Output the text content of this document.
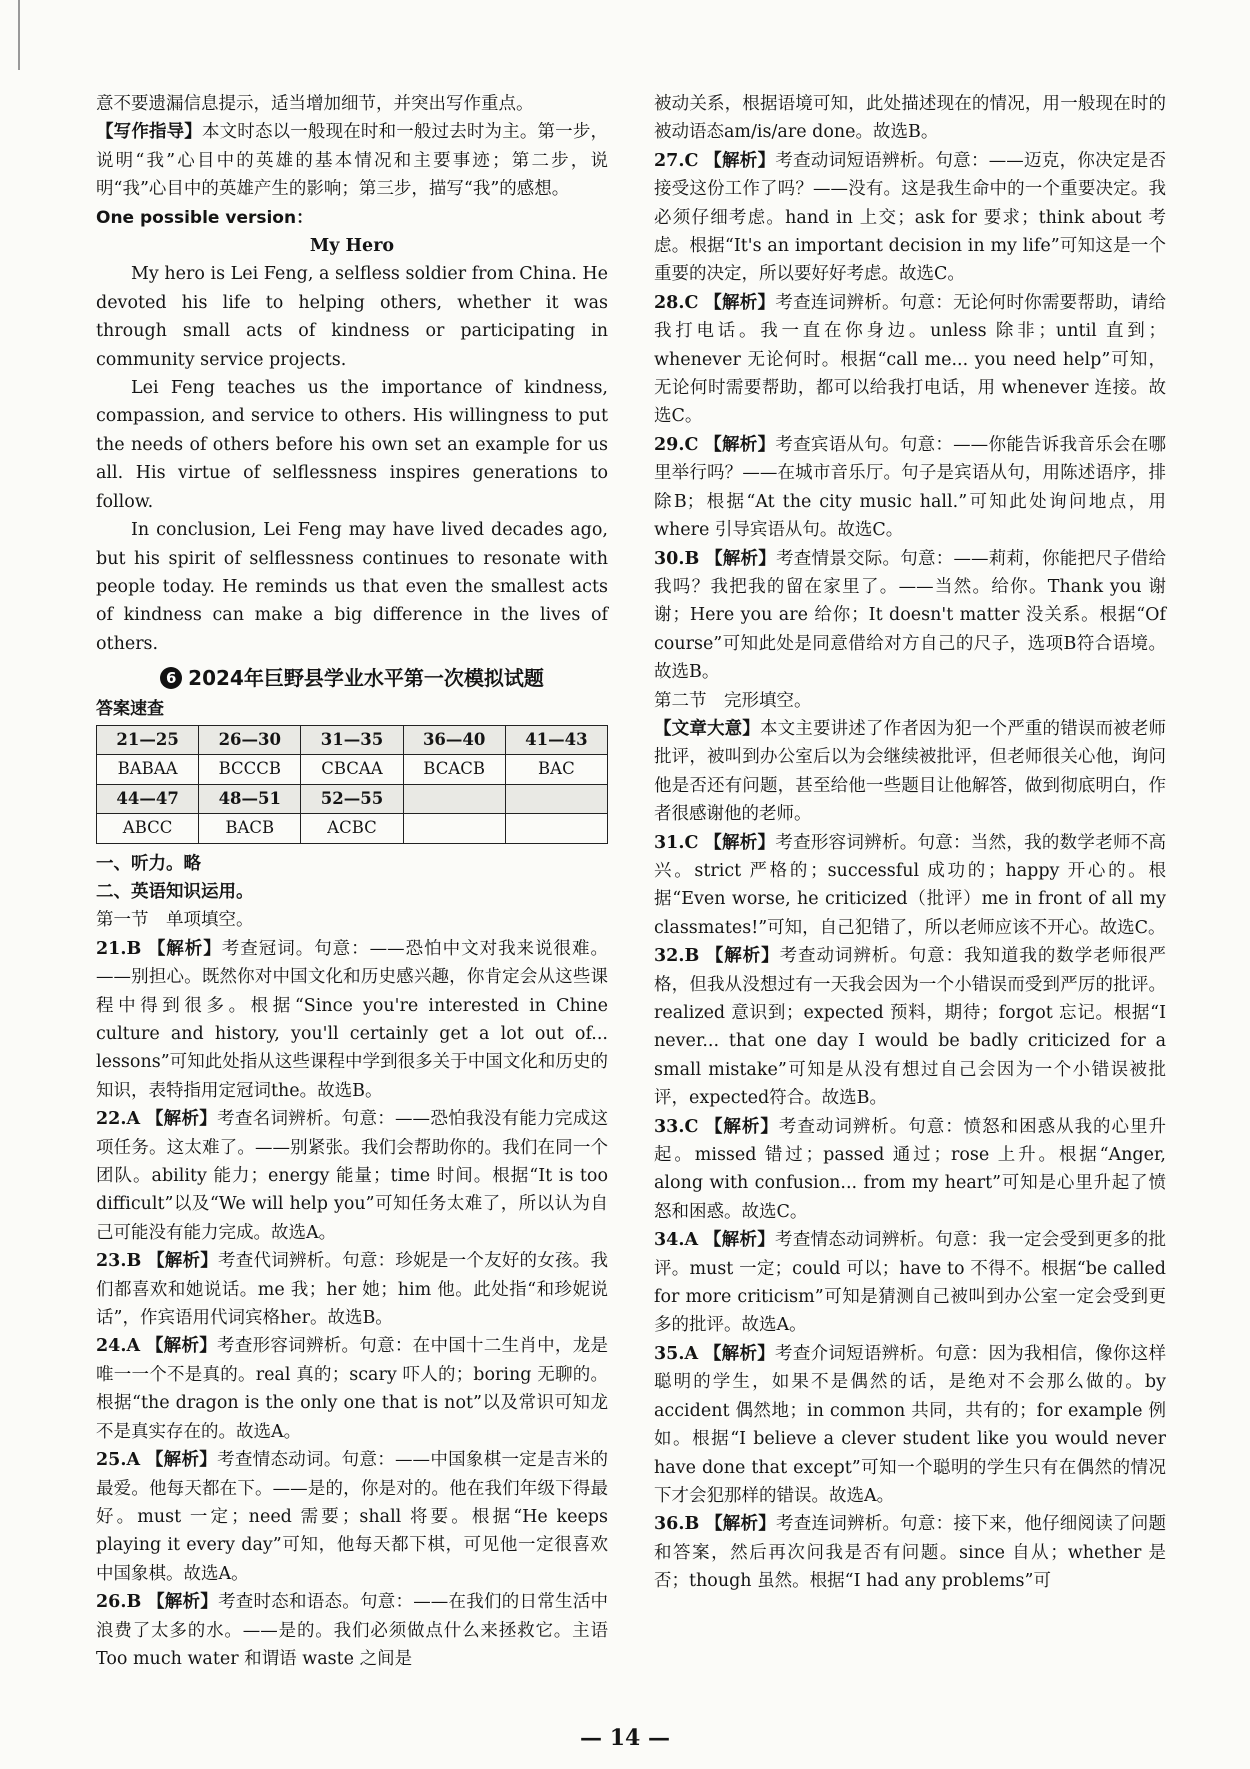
意不要遗漏信息提示，适当增加细节，并突出写作重点。

【写作指导】本文时态以一般现在时和一般过去时为主。第一步，说明“我”心目中的英雄的基本情况和主要事迹；第二步，说明“我”心目中的英雄产生的影响；第三步，描写“我”的感想。

One possible version：

My Hero

My hero is Lei Feng, a selfless soldier from China. He devoted his life to helping others, whether it was through small acts of kindness or participating in community service projects.

Lei Feng teaches us the importance of kindness, compassion, and service to others. His willingness to put the needs of others before his own set an example for us all. His virtue of selflessness inspires generations to follow.

In conclusion, Lei Feng may have lived decades ago, but his spirit of selflessness continues to resonate with people today. He reminds us that even the smallest acts of kindness can make a big difference in the lives of others.

6 2024年巨野县学业水平第一次模拟试题

答案速查

21—25	26—30	31—35	36—40	41—43
BABAA	BCCCB	CBCAA	BCACB	BAC
44—47	48—51	52—55		
ABCC	BACB	ACBC		

一、听力。略

二、英语知识运用。

第一节　单项填空。

21.B 【解析】考查冠词。句意：——恐怕中文对我来说很难。——别担心。既然你对中国文化和历史感兴趣，你肯定会从这些课程中得到很多。根据“Since you're interested in Chine culture and history, you'll certainly get a lot out of... lessons”可知此处指从这些课程中学到很多关于中国文化和历史的知识，表特指用定冠词the。故选B。

22.A 【解析】考查名词辨析。句意：——恐怕我没有能力完成这项任务。这太难了。——别紧张。我们会帮助你的。我们在同一个团队。ability 能力；energy 能量；time 时间。根据“It is too difficult”以及“We will help you”可知任务太难了，所以认为自己可能没有能力完成。故选A。

23.B 【解析】考查代词辨析。句意：珍妮是一个友好的女孩。我们都喜欢和她说话。me 我；her 她；him 他。此处指“和珍妮说话”，作宾语用代词宾格her。故选B。

24.A 【解析】考查形容词辨析。句意：在中国十二生肖中，龙是唯一一个不是真的。real 真的；scary 吓人的；boring 无聊的。根据“the dragon is the only one that is not”以及常识可知龙不是真实存在的。故选A。

25.A 【解析】考查情态动词。句意：——中国象棋一定是吉米的最爱。他每天都在下。——是的，你是对的。他在我们年级下得最好。must 一定；need 需要；shall 将要。根据“He keeps playing it every day”可知，他每天都下棋，可见他一定很喜欢中国象棋。故选A。

26.B 【解析】考查时态和语态。句意：——在我们的日常生活中浪费了太多的水。——是的。我们必须做点什么来拯救它。主语 Too much water 和谓语 waste 之间是

被动关系，根据语境可知，此处描述现在的情况，用一般现在时的被动语态am/is/are done。故选B。

27.C 【解析】考查动词短语辨析。句意：——迈克，你决定是否接受这份工作了吗？——没有。这是我生命中的一个重要决定。我必须仔细考虑。hand in 上交；ask for 要求；think about 考虑。根据“It's an important decision in my life”可知这是一个重要的决定，所以要好好考虑。故选C。

28.C 【解析】考查连词辨析。句意：无论何时你需要帮助，请给我打电话。我一直在你身边。unless 除非；until 直到；whenever 无论何时。根据“call me... you need help”可知，无论何时需要帮助，都可以给我打电话，用 whenever 连接。故选C。

29.C 【解析】考查宾语从句。句意：——你能告诉我音乐会在哪里举行吗？——在城市音乐厅。句子是宾语从句，用陈述语序，排除B；根据“At the city music hall.”可知此处询问地点，用 where 引导宾语从句。故选C。

30.B 【解析】考查情景交际。句意：——莉莉，你能把尺子借给我吗？我把我的留在家里了。——当然。给你。Thank you 谢谢；Here you are 给你；It doesn't matter 没关系。根据“Of course”可知此处是同意借给对方自己的尺子，选项B符合语境。故选B。

第二节　完形填空。

【文章大意】本文主要讲述了作者因为犯一个严重的错误而被老师批评，被叫到办公室后以为会继续被批评，但老师很关心他，询问他是否还有问题，甚至给他一些题目让他解答，做到彻底明白，作者很感谢他的老师。

31.C 【解析】考查形容词辨析。句意：当然，我的数学老师不高兴。strict 严格的；successful 成功的；happy 开心的。根据“Even worse, he criticized（批评）me in front of all my classmates!”可知，自己犯错了，所以老师应该不开心。故选C。

32.B 【解析】考查动词辨析。句意：我知道我的数学老师很严格，但我从没想过有一天我会因为一个小错误而受到严厉的批评。realized 意识到；expected 预料，期待；forgot 忘记。根据“I never... that one day I would be badly criticized for a small mistake”可知是从没有想过自己会因为一个小错误被批评，expected符合。故选B。

33.C 【解析】考查动词辨析。句意：愤怒和困惑从我的心里升起。missed 错过；passed 通过；rose 上升。根据“Anger, along with confusion... from my heart”可知是心里升起了愤怒和困惑。故选C。

34.A 【解析】考查情态动词辨析。句意：我一定会受到更多的批评。must 一定；could 可以；have to 不得不。根据“be called for more criticism”可知是猜测自己被叫到办公室一定会受到更多的批评。故选A。

35.A 【解析】考查介词短语辨析。句意：因为我相信，像你这样聪明的学生，如果不是偶然的话，是绝对不会那么做的。by accident 偶然地；in common 共同，共有的；for example 例如。根据“I believe a clever student like you would never have done that except”可知一个聪明的学生只有在偶然的情况下才会犯那样的错误。故选A。

36.B 【解析】考查连词辨析。句意：接下来，他仔细阅读了问题和答案，然后再次问我是否有问题。since 自从；whether 是否；though 虽然。根据“I had any problems”可

— 14 —
